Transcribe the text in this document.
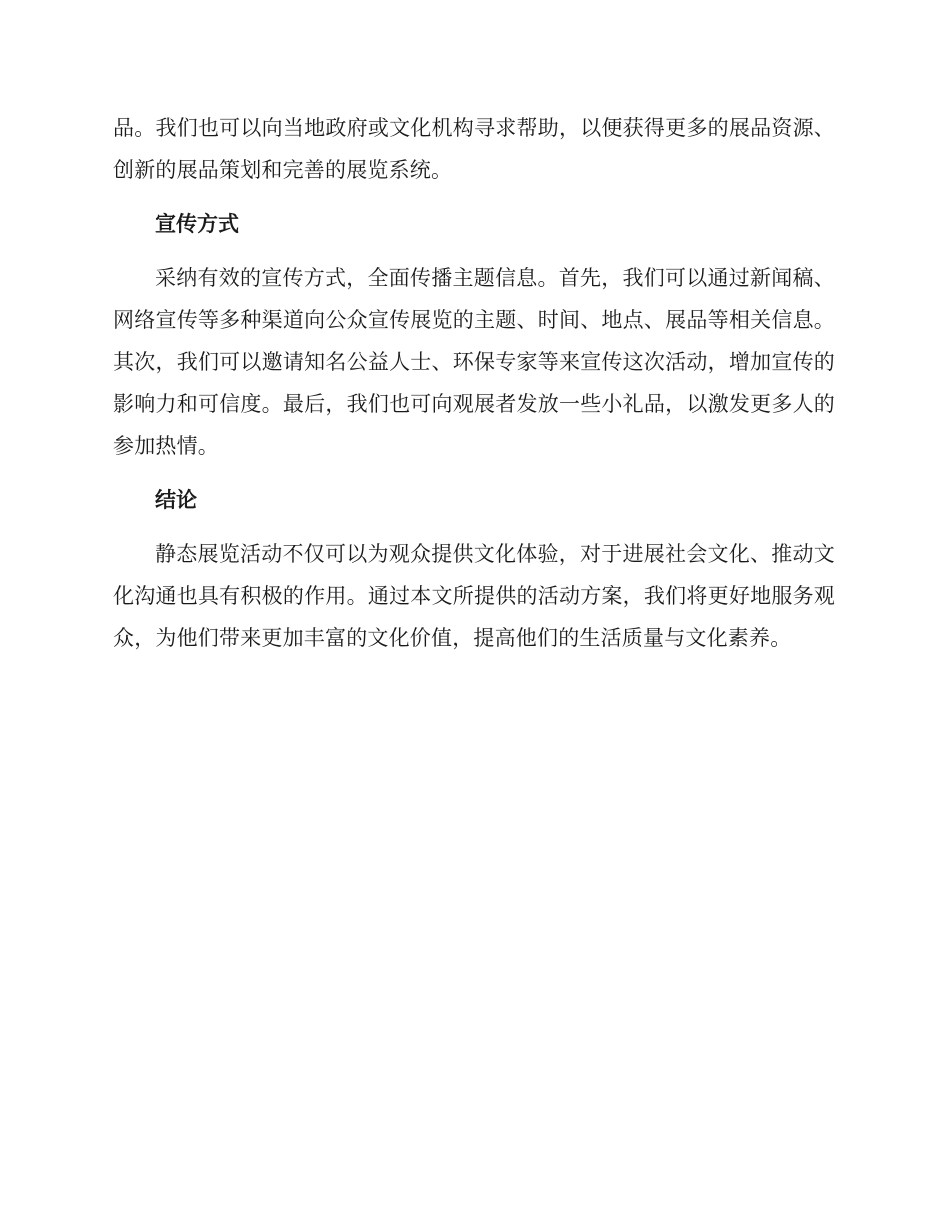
品。我们也可以向当地政府或文化机构寻求帮助，以便获得更多的展品资源、创新的展品策划和完善的展览系统。

宣传方式

采纳有效的宣传方式，全面传播主题信息。首先，我们可以通过新闻稿、网络宣传等多种渠道向公众宣传展览的主题、时间、地点、展品等相关信息。其次，我们可以邀请知名公益人士、环保专家等来宣传这次活动，增加宣传的影响力和可信度。最后，我们也可向观展者发放一些小礼品，以激发更多人的参加热情。

结论

静态展览活动不仅可以为观众提供文化体验，对于进展社会文化、推动文化沟通也具有积极的作用。通过本文所提供的活动方案，我们将更好地服务观众，为他们带来更加丰富的文化价值，提高他们的生活质量与文化素养。
